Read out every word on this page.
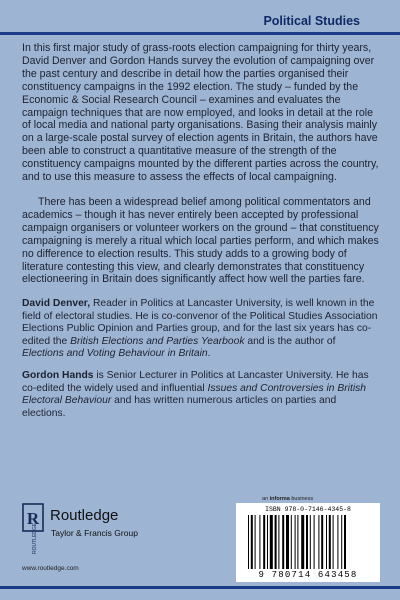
Political Studies

In this first major study of grass-roots election campaigning for thirty years, David Denver and Gordon Hands survey the evolution of campaigning over the past century and describe in detail how the parties organised their constituency campaigns in the 1992 election. The study – funded by the Economic & Social Research Council – examines and evaluates the campaign techniques that are now employed, and looks in detail at the role of local media and national party organisations. Basing their analysis mainly on a large-scale postal survey of election agents in Britain, the authors have been able to construct a quantitative measure of the strength of the constituency campaigns mounted by the different parties across the country, and to use this measure to assess the effects of local campaigning.

There has been a widespread belief among political commentators and academics – though it has never entirely been accepted by professional campaign organisers or volunteer workers on the ground – that constituency campaigning is merely a ritual which local parties perform, and which makes no difference to election results. This study adds to a growing body of literature contesting this view, and clearly demonstrates that constituency electioneering in Britain does significantly affect how well the parties fare.

David Denver, Reader in Politics at Lancaster University, is well known in the field of electoral studies. He is co-convenor of the Political Studies Association Elections Public Opinion and Parties group, and for the last six years has co-edited the British Elections and Parties Yearbook and is the author of Elections and Voting Behaviour in Britain.

Gordon Hands is Senior Lecturer in Politics at Lancaster University. He has co-edited the widely used and influential Issues and Controversies in British Electoral Behaviour and has written numerous articles on parties and elections.

R
ROUTLEDGE
Routledge
Taylor & Francis Group
www.routledge.com
an informa business
ISBN 978-0-7146-4345-8
9 780714 643458
